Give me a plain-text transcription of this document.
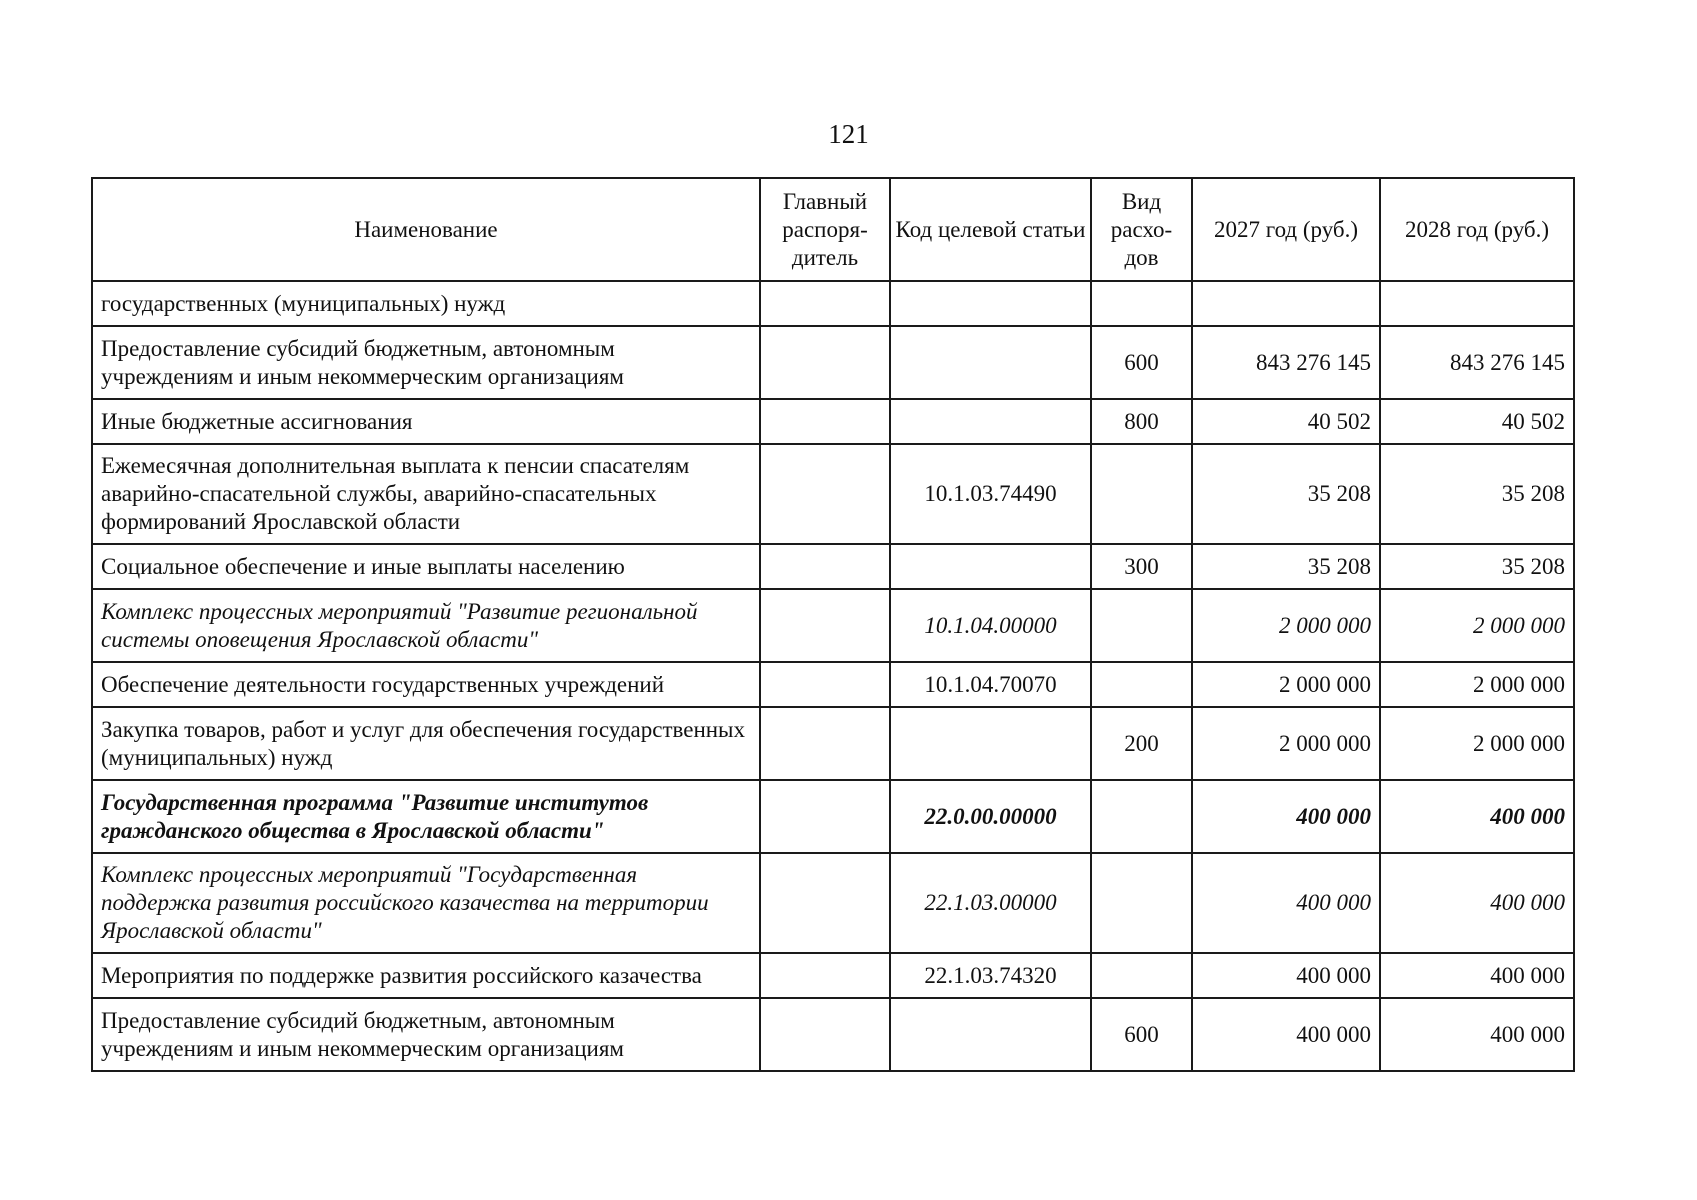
121
Наименование	Главный распоря-дитель	Код целевой статьи	Вид расхо-дов	2027 год (руб.)	2028 год (руб.)
государственных (муниципальных) нужд					
Предоставление субсидий бюджетным, автономным учреждениям и иным некоммерческим организациям			600	843 276 145	843 276 145
Иные бюджетные ассигнования			800	40 502	40 502
Ежемесячная дополнительная выплата к пенсии спасателям аварийно-спасательной службы, аварийно-спасательных формирований Ярославской области		10.1.03.74490		35 208	35 208
Социальное обеспечение и иные выплаты населению			300	35 208	35 208
Комплекс процессных мероприятий "Развитие региональной системы оповещения Ярославской области"		10.1.04.00000		2 000 000	2 000 000
Обеспечение деятельности государственных учреждений		10.1.04.70070		2 000 000	2 000 000
Закупка товаров, работ и услуг для обеспечения государственных (муниципальных) нужд			200	2 000 000	2 000 000
Государственная программа "Развитие институтов гражданского общества в Ярославской области"		22.0.00.00000		400 000	400 000
Комплекс процессных мероприятий "Государственная поддержка развития российского казачества на территории Ярославской области"		22.1.03.00000		400 000	400 000
Мероприятия по поддержке развития российского казачества		22.1.03.74320		400 000	400 000
Предоставление субсидий бюджетным, автономным учреждениям и иным некоммерческим организациям			600	400 000	400 000
